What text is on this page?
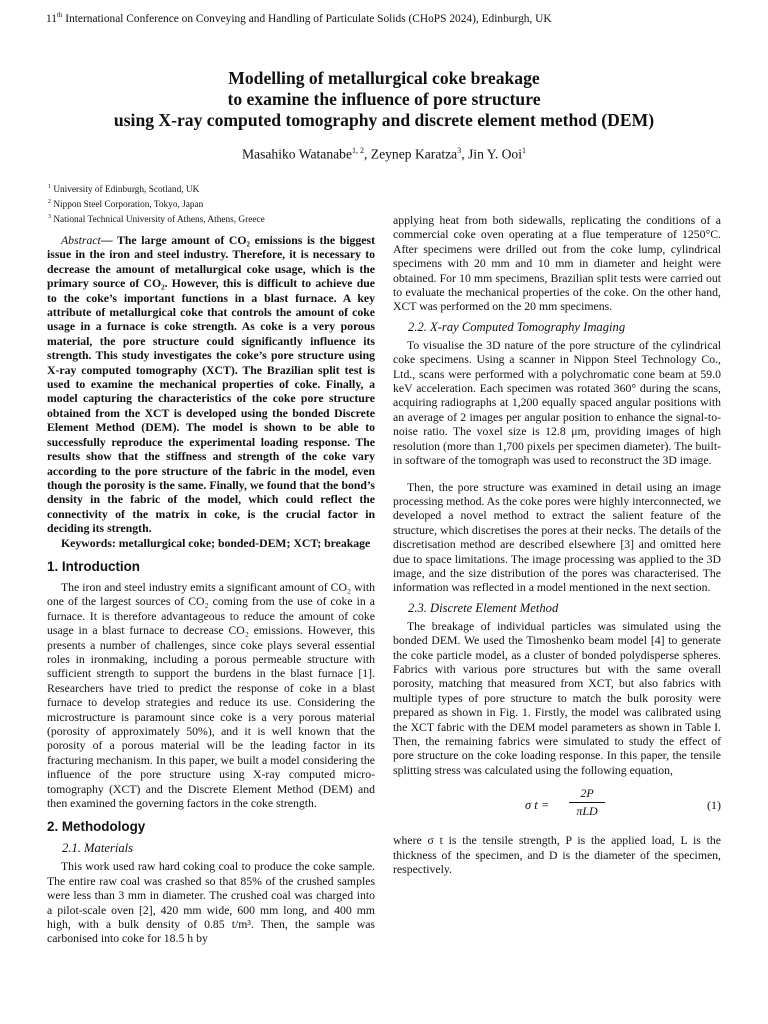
11th International Conference on Conveying and Handling of Particulate Solids (CHoPS 2024), Edinburgh, UK
Modelling of metallurgical coke breakage
to examine the influence of pore structure
using X-ray computed tomography and discrete element method (DEM)
Masahiko Watanabe$^{1, 2}$, Zeynep Karatza$^3$, Jin Y. Ooi$^1$
$^1$ University of Edinburgh, Scotland, UK
$^2$ Nippon Steel Corporation, Tokyo, Japan
$^3$ National Technical University of Athens, Athens, Greece

Abstract— The large amount of CO₂ emissions is the biggest issue in the iron and steel industry. Therefore, it is necessary to decrease the amount of metallurgical coke usage, which is the primary source of CO₂. However, this is difficult to achieve due to the coke’s important functions in a blast furnace. A key attribute of metallurgical coke that controls the amount of coke usage in a furnace is coke strength. As coke is a very porous material, the pore structure could significantly influence its strength. This study investigates the coke’s pore structure using X-ray computed tomography (XCT). The Brazilian split test is used to examine the mechanical properties of coke. Finally, a model capturing the characteristics of the coke pore structure obtained from the XCT is developed using the bonded Discrete Element Method (DEM). The model is shown to be able to successfully reproduce the experimental loading response. The results show that the stiffness and strength of the coke vary according to the pore structure of the fabric in the model, even though the porosity is the same. Finally, we found that the bond’s density in the fabric of the model, which could reflect the connectivity of the matrix in coke, is the crucial factor in deciding its strength.

Keywords: metallurgical coke; bonded-DEM; XCT; breakage

1. Introduction

The iron and steel industry emits a significant amount of CO₂ with one of the largest sources of CO₂ coming from the use of coke in a furnace. It is therefore advantageous to reduce the amount of coke usage in a blast furnace to decrease CO₂ emissions. However, this presents a number of challenges, since coke plays several essential roles in ironmaking, including a porous permeable structure with sufficient strength to support the burdens in the blast furnace [1]. Researchers have tried to predict the response of coke in a blast furnace to develop strategies and reduce its use. Considering the microstructure is paramount since coke is a very porous material (porosity of approximately 50%), and it is well known that the porosity of a porous material will be the leading factor in its fracturing mechanism. In this paper, we built a model considering the influence of the pore structure using X-ray computed micro-tomography (XCT) and the Discrete Element Method (DEM) and then examined the governing factors in the coke strength.

2. Methodology
2.1. Materials

This work used raw hard coking coal to produce the coke sample. The entire raw coal was crashed so that 85% of the crushed samples were less than 3 mm in diameter. The crushed coal was charged into a pilot-scale oven [2], 420 mm wide, 600 mm long, and 400 mm high, with a bulk density of 0.85 t/m³. Then, the sample was carbonised into coke for 18.5 h by

applying heat from both sidewalls, replicating the conditions of a commercial coke oven operating at a flue temperature of 1250°C. After specimens were drilled out from the coke lump, cylindrical specimens with 20 mm and 10 mm in diameter and height were obtained. For 10 mm specimens, Brazilian split tests were carried out to evaluate the mechanical properties of the coke. On the other hand, XCT was performed on the 20 mm specimens.

2.2. X-ray Computed Tomography Imaging

To visualise the 3D nature of the pore structure of the cylindrical coke specimens. Using a scanner in Nippon Steel Technology Co., Ltd., scans were performed with a polychromatic cone beam at 59.0 keV acceleration. Each specimen was rotated 360° during the scans, acquiring radiographs at 1,200 equally spaced angular positions with an average of 2 images per angular position to enhance the signal-to-noise ratio. The voxel size is 12.8 μm, providing images of high resolution (more than 1,700 pixels per specimen diameter). The built-in software of the tomograph was used to reconstruct the 3D image.

Then, the pore structure was examined in detail using an image processing method. As the coke pores were highly interconnected, we developed a novel method to extract the salient feature of the structure, which discretises the pores at their necks. The details of the discretisation method are described elsewhere [3] and omitted here due to space limitations. The image processing was applied to the 3D image, and the size distribution of the pores was characterised. The information was reflected in a model mentioned in the next section.

2.3. Discrete Element Method

The breakage of individual particles was simulated using the bonded DEM. We used the Timoshenko beam model [4] to generate the coke particle model, as a cluster of bonded polydisperse spheres. Fabrics with various pore structures but with the same overall porosity, matching that measured from XCT, but also fabrics with multiple types of pore structure to match the bulk porosity were prepared as shown in Fig. 1. Firstly, the model was calibrated using the XCT fabric with the DEM model parameters as shown in Table I. Then, the remaining fabrics were simulated to study the effect of pore structure on the coke loading response. In this paper, the tensile splitting stress was calculated using the following equation,

σ t =
2P
πLD	(1)

where σ t is the tensile strength, P is the applied load, L is the thickness of the specimen, and D is the diameter of the specimen, respectively.
